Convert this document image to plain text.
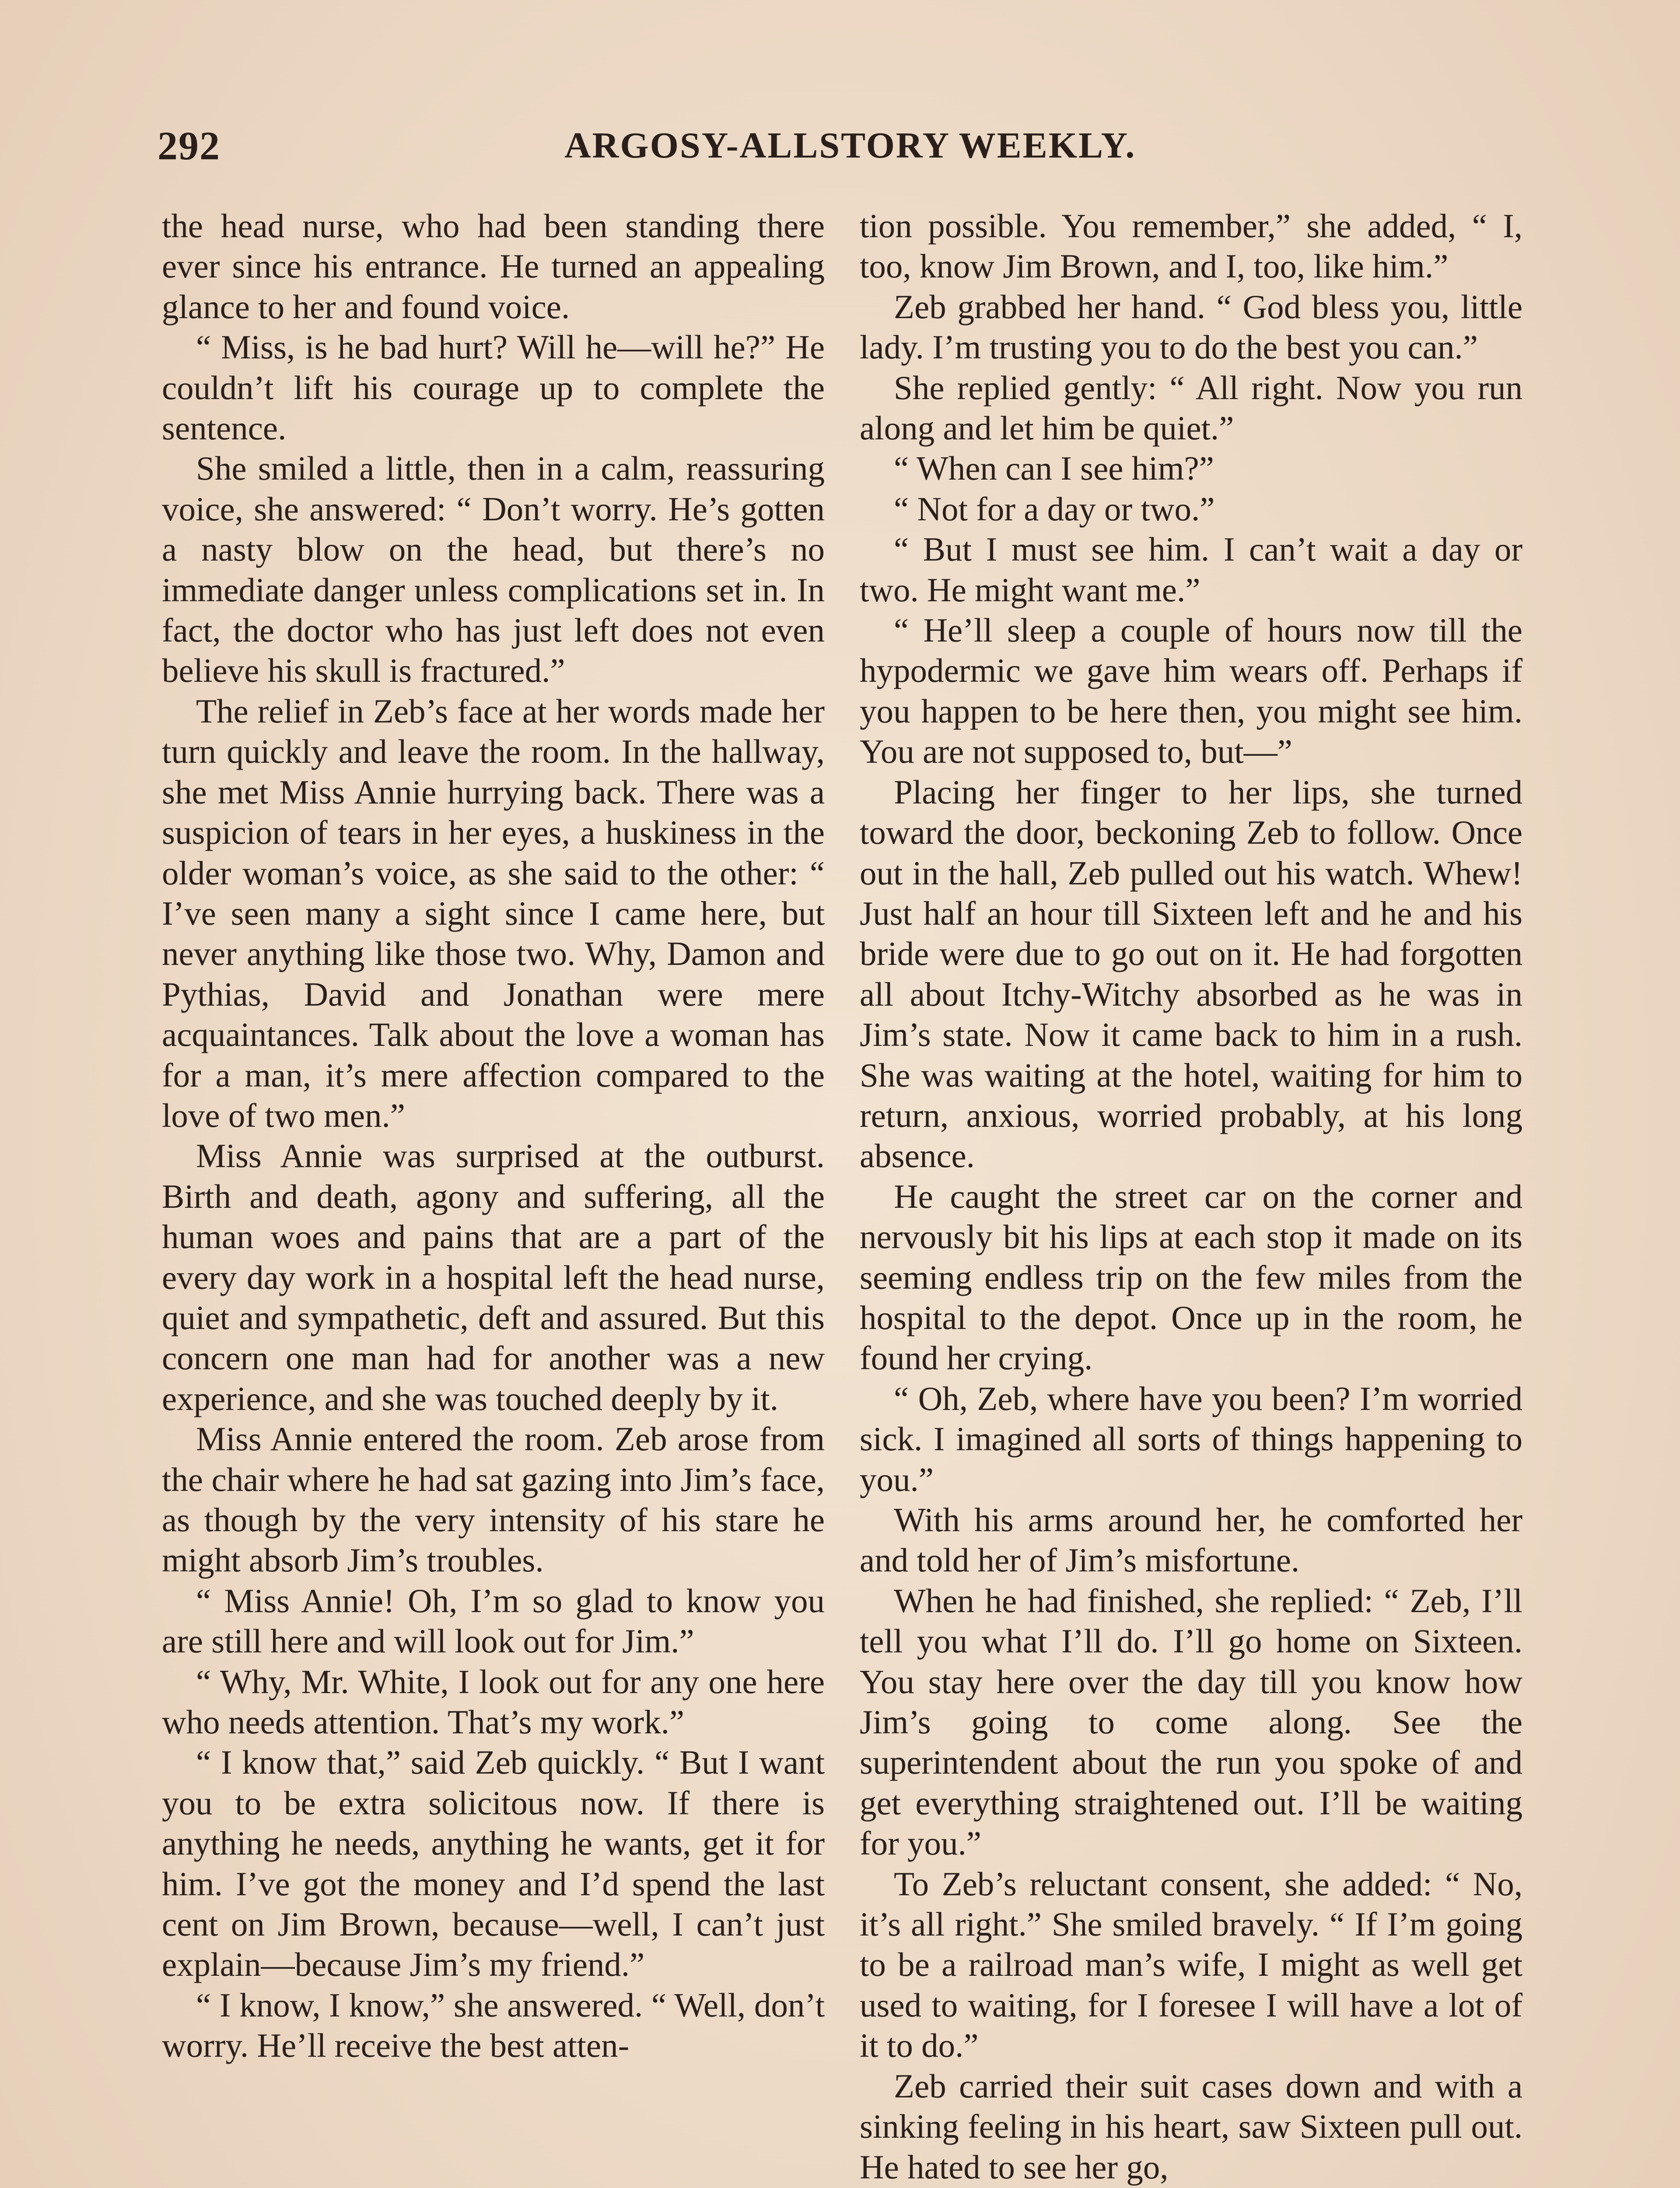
292	ARGOSY-ALLSTORY WEEKLY.

the head nurse, who had been standing there ever since his entrance. He turned an appealing glance to her and found voice.

“ Miss, is he bad hurt? Will he—will he?” He couldn’t lift his courage up to complete the sentence.

She smiled a little, then in a calm, reassuring voice, she answered: “ Don’t worry. He’s gotten a nasty blow on the head, but there’s no immediate danger unless complications set in. In fact, the doctor who has just left does not even believe his skull is fractured.”

The relief in Zeb’s face at her words made her turn quickly and leave the room. In the hallway, she met Miss Annie hurrying back. There was a suspicion of tears in her eyes, a huskiness in the older woman’s voice, as she said to the other: “ I’ve seen many a sight since I came here, but never anything like those two. Why, Damon and Pythias, David and Jonathan were mere acquaintances. Talk about the love a woman has for a man, it’s mere affection compared to the love of two men.”

Miss Annie was surprised at the outburst. Birth and death, agony and suffering, all the human woes and pains that are a part of the every day work in a hospital left the head nurse, quiet and sympathetic, deft and assured. But this concern one man had for another was a new experience, and she was touched deeply by it.

Miss Annie entered the room. Zeb arose from the chair where he had sat gazing into Jim’s face, as though by the very intensity of his stare he might absorb Jim’s troubles.

“ Miss Annie! Oh, I’m so glad to know you are still here and will look out for Jim.”

“ Why, Mr. White, I look out for any one here who needs attention. That’s my work.”

“ I know that,” said Zeb quickly. “ But I want you to be extra solicitous now. If there is anything he needs, anything he wants, get it for him. I’ve got the money and I’d spend the last cent on Jim Brown, because—well, I can’t just explain—because Jim’s my friend.”

“ I know, I know,” she answered. “ Well, don’t worry. He’ll receive the best atten-

tion possible. You remember,” she added, “ I, too, know Jim Brown, and I, too, like him.”

Zeb grabbed her hand. “ God bless you, little lady. I’m trusting you to do the best you can.”

She replied gently: “ All right. Now you run along and let him be quiet.”

“ When can I see him?”

“ Not for a day or two.”

“ But I must see him. I can’t wait a day or two. He might want me.”

“ He’ll sleep a couple of hours now till the hypodermic we gave him wears off. Perhaps if you happen to be here then, you might see him. You are not supposed to, but—”

Placing her finger to her lips, she turned toward the door, beckoning Zeb to follow. Once out in the hall, Zeb pulled out his watch. Whew! Just half an hour till Sixteen left and he and his bride were due to go out on it. He had forgotten all about Itchy-Witchy absorbed as he was in Jim’s state. Now it came back to him in a rush. She was waiting at the hotel, waiting for him to return, anxious, worried probably, at his long absence.

He caught the street car on the corner and nervously bit his lips at each stop it made on its seeming endless trip on the few miles from the hospital to the depot. Once up in the room, he found her crying.

“ Oh, Zeb, where have you been? I’m worried sick. I imagined all sorts of things happening to you.”

With his arms around her, he comforted her and told her of Jim’s misfortune.

When he had finished, she replied: “ Zeb, I’ll tell you what I’ll do. I’ll go home on Sixteen. You stay here over the day till you know how Jim’s going to come along. See the superintendent about the run you spoke of and get everything straightened out. I’ll be waiting for you.”

To Zeb’s reluctant consent, she added: “ No, it’s all right.” She smiled bravely. “ If I’m going to be a railroad man’s wife, I might as well get used to waiting, for I foresee I will have a lot of it to do.”

Zeb carried their suit cases down and with a sinking feeling in his heart, saw Sixteen pull out. He hated to see her go,
